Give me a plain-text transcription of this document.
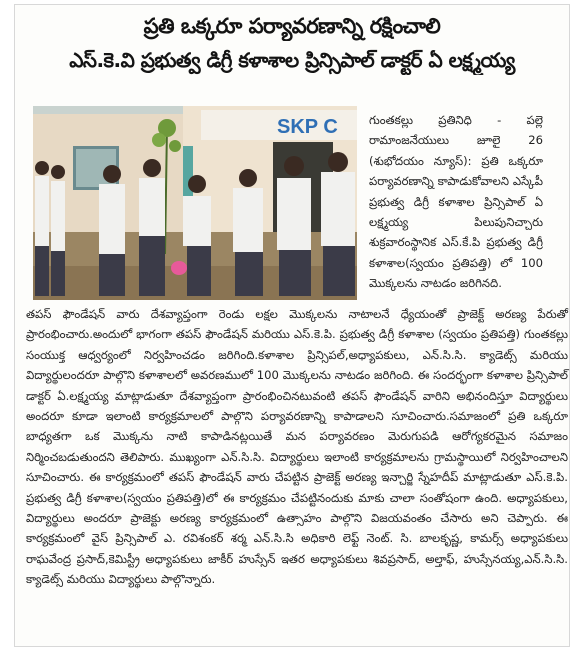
ప్రతి ఒక్కరూ పర్యావరణాన్ని రక్షించాలి
ఎస్.కె.వి ప్రభుత్వ డిగ్రీ కళాశాల ప్రిన్సిపాల్ డాక్టర్ ఏ లక్ష్మయ్య
SKP C	గుంతకల్లు ప్రతినిధి - పల్లె రామాంజనేయులు జూలై 26 (శుభోదయం న్యూస్): ప్రతి ఒక్కరూ పర్యావరణాన్ని కాపాడుకోవాలని ఎస్కేపీ ప్రభుత్వ డిగ్రీ కళాశాల ప్రిన్సిపాల్ ఏ లక్ష్మయ్య పిలుపునిచ్చారు శుక్రవారంస్థానిక ఎస్.కే.పి ప్రభుత్వ డిగ్రీ కళాశాల(స్వయం ప్రతిపత్తి) లో 100 మొక్కలను నాటడం జరిగినది.

తపస్ ఫౌండేషన్ వారు దేశవ్యాప్తంగా రెండు లక్షల మొక్కలను నాటాలనే ధ్యేయంతో ప్రాజెక్ట్ అరణ్య పేరుతో ప్రారంభించారు.అందులో భాగంగా తపస్ ఫౌండేషన్ మరియు ఎస్.కె.పి. ప్రభుత్వ డిగ్రీ కళాశాల (స్వయం ప్రతిపత్తి) గుంతకల్లు సంయుక్త ఆధ్వర్యంలో నిర్వహించడం జరిగింది.కళాశాల ప్రిన్సిపల్,అధ్యాపకులు, ఎన్.సి.సి. క్యాడెట్స్ మరియు విద్యార్థులందరూ పాల్గొని కళాశాలలో అవరణములో 100 మొక్కలను నాటడం జరిగింది. ఈ సందర్భంగా కళాశాల ప్రిన్సిపాల్ డాక్టర్ ఏ.లక్ష్మయ్య మాట్లాడుతూ దేశవ్యాప్తంగా ప్రారంభించినటువంటి తపస్ ఫౌండేషన్ వారిని అభినందిస్తూ విద్యార్థులు అందరూ కూడా ఇలాంటి కార్యక్రమాలలో పాల్గొని పర్యావరణాన్ని కాపాడాలని సూచించారు.సమాజంలో ప్రతి ఒక్కరూ బాధ్యతగా ఒక మొక్కను నాటి కాపాడినట్లయితే మన పర్యావరణం మెరుగుపడి ఆరోగ్యకరమైన సమాజం నిర్మించబడుతుందని తెలిపారు. ముఖ్యంగా ఎన్.సి.సి. విద్యార్థులు ఇలాంటి కార్యక్రమాలను గ్రామస్థాయిలో నిర్వహించాలని సూచించారు. ఈ కార్యక్రమంలో తపస్ ఫౌండేషన్ వారు చేపట్టిన ప్రాజెక్ట్ అరణ్య ఇన్చార్జి స్నేహదీప్ మాట్లాడుతూ ఎస్.కె.పి. ప్రభుత్వ డిగ్రీ కళాశాల(స్వయం ప్రతిపత్తి)లో ఈ కార్యక్రమం చేపట్టినందుకు మాకు చాలా సంతోషంగా ఉంది. అధ్యాపకులు, విద్యార్థులు అందరూ ప్రాజెక్టు అరణ్య కార్యక్రమంలో ఉత్సాహం పాల్గొని విజయవంతం చేసారు అని చెప్పారు. ఈ కార్యక్రమంలో వైస్ ప్రిన్సిపాల్ ఎ. రవిశంకర్ శర్మ ఎన్.సి.సి అధికారి లెఫ్ట్ నెంట్. సి. బాలకృష్ణ, కామర్స్ అధ్యాపకులు రాఘవేంద్ర ప్రసాద్,కెమిస్ట్రీ అధ్యాపకులు జాకీర్ హుస్సేన్ ఇతర అధ్యాపకులు శివప్రసాద్, అల్తాఫ్, హుస్సేనయ్య,ఎన్.సి.సి. క్యాడెట్స్ మరియు విద్యార్థులు పాల్గొన్నారు.
